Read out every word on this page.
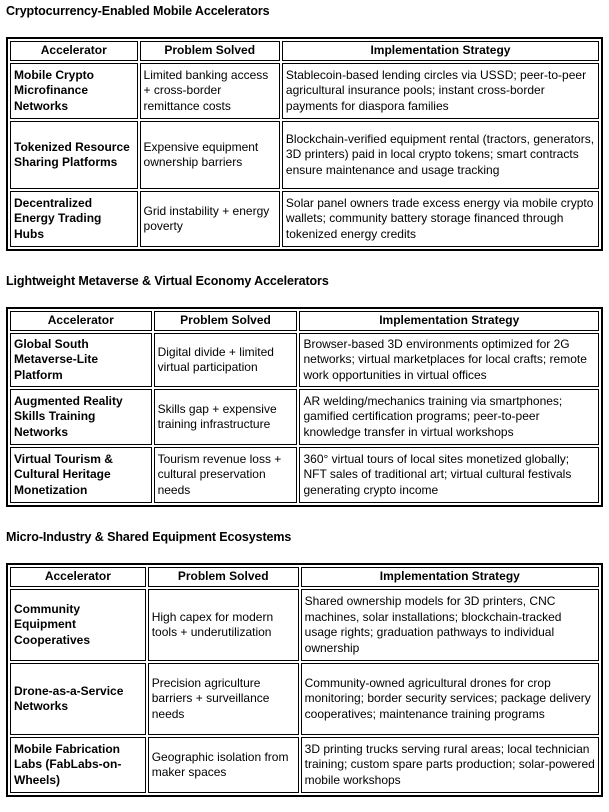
Cryptocurrency-Enabled Mobile Accelerators
Accelerator	Problem Solved	Implementation Strategy
Mobile Crypto Microfinance Networks	Limited banking access + cross-border remittance costs	Stablecoin-based lending circles via USSD; peer-to-peer agricultural insurance pools; instant cross-border payments for diaspora families
Tokenized Resource Sharing Platforms	Expensive equipment ownership barriers	Blockchain-verified equipment rental (tractors, generators, 3D printers) paid in local crypto tokens; smart contracts ensure maintenance and usage tracking
Decentralized Energy Trading Hubs	Grid instability + energy poverty	Solar panel owners trade excess energy via mobile crypto wallets; community battery storage financed through tokenized energy credits
Lightweight Metaverse & Virtual Economy Accelerators
Accelerator	Problem Solved	Implementation Strategy
Global South Metaverse-Lite Platform	Digital divide + limited virtual participation	Browser-based 3D environments optimized for 2G networks; virtual marketplaces for local crafts; remote work opportunities in virtual offices
Augmented Reality Skills Training Networks	Skills gap + expensive training infrastructure	AR welding/mechanics training via smartphones; gamified certification programs; peer-to-peer knowledge transfer in virtual workshops
Virtual Tourism & Cultural Heritage Monetization	Tourism revenue loss + cultural preservation needs	360° virtual tours of local sites monetized globally; NFT sales of traditional art; virtual cultural festivals generating crypto income
Micro-Industry & Shared Equipment Ecosystems
Accelerator	Problem Solved	Implementation Strategy
Community Equipment Cooperatives	High capex for modern tools + underutilization	Shared ownership models for 3D printers, CNC machines, solar installations; blockchain-tracked usage rights; graduation pathways to individual ownership
Drone-as-a-Service Networks	Precision agriculture barriers + surveillance needs	Community-owned agricultural drones for crop monitoring; border security services; package delivery cooperatives; maintenance training programs
Mobile Fabrication Labs (FabLabs-on-Wheels)	Geographic isolation from maker spaces	3D printing trucks serving rural areas; local technician training; custom spare parts production; solar-powered mobile workshops
